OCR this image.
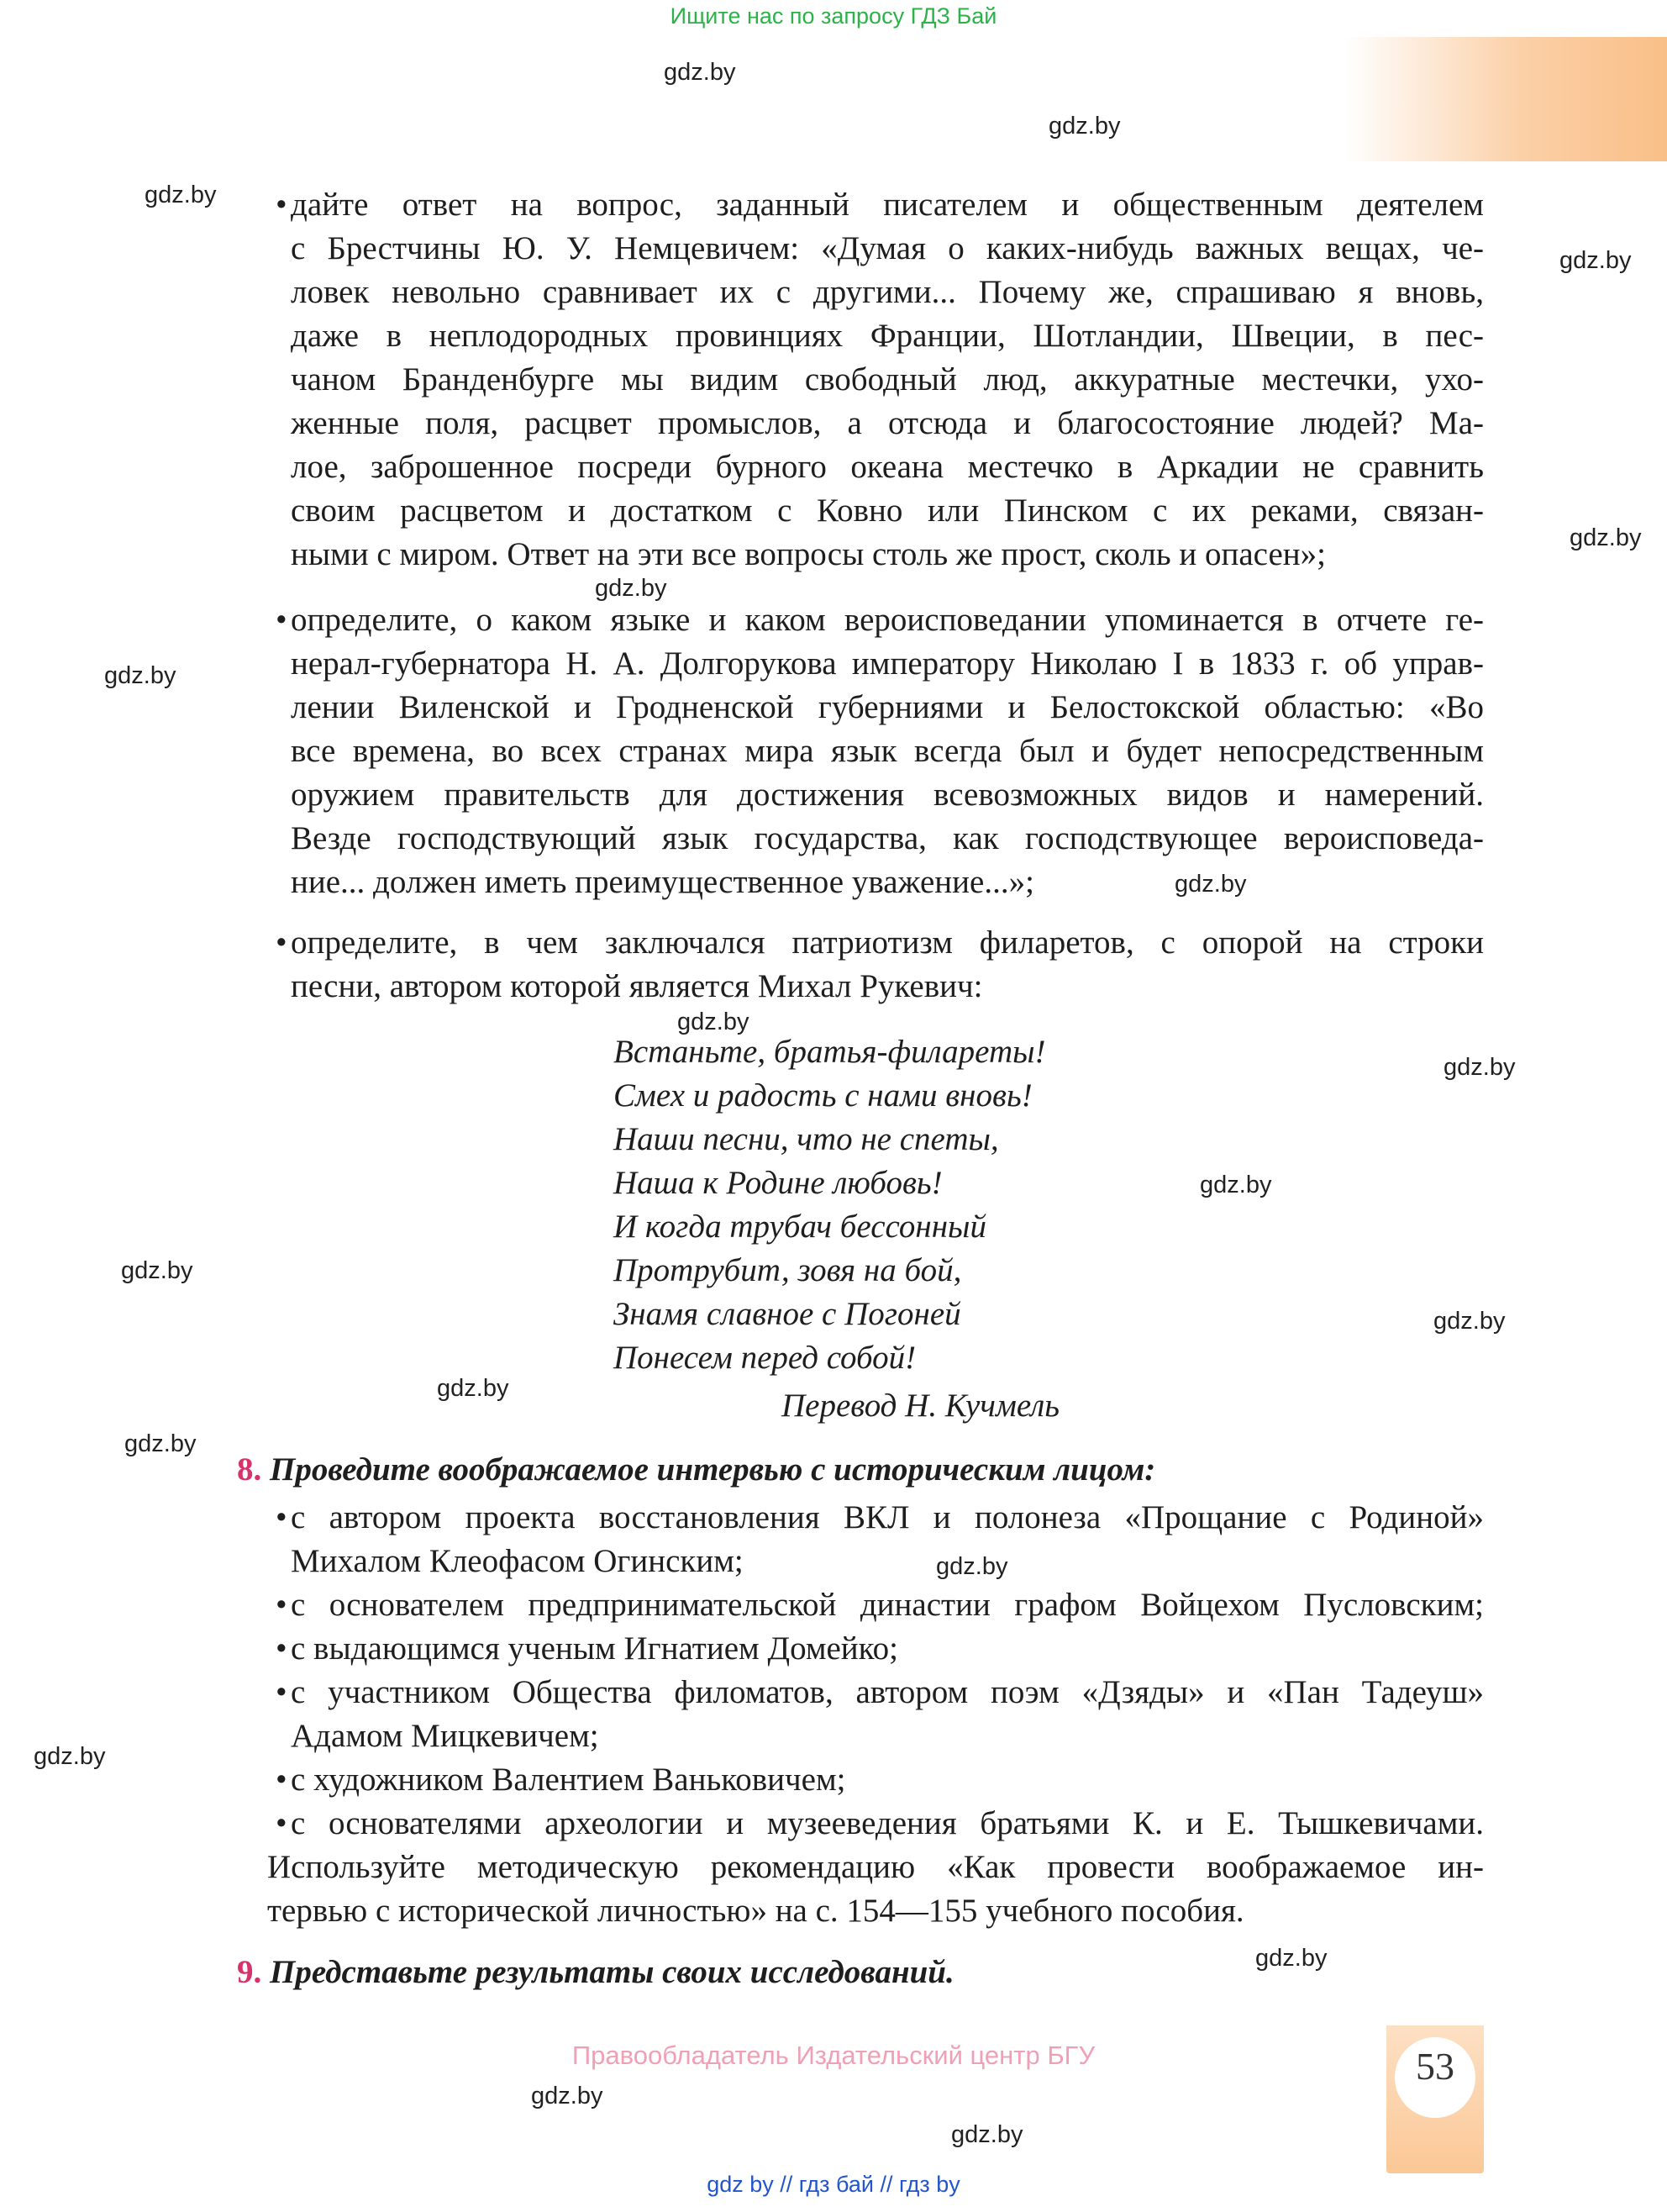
Ищите нас по запросу ГДЗ Бай
gdz.by
gdz.by
gdz.by
gdz.by
gdz.by
gdz.by
gdz.by
gdz.by
gdz.by
gdz.by
gdz.by
gdz.by
gdz.by
gdz.by
gdz.by
gdz.by
gdz.by
gdz.by
gdz.by
gdz.by
• дайте ответ на вопрос, заданный писателем и общественным деятелем
с Брестчины Ю. У. Немцевичем: «Думая о каких-нибудь важных вещах, че-
ловек невольно сравнивает их с другими... Почему же, спрашиваю я вновь,
даже в неплодородных провинциях Франции, Шотландии, Швеции, в пес-
чаном Бранденбурге мы видим свободный люд, аккуратные местечки, ухо-
женные поля, расцвет промыслов, а отсюда и благосостояние людей? Ма-
лое, заброшенное посреди бурного океана местечко в Аркадии не сравнить
своим расцветом и достатком с Ковно или Пинском с их реками, связан-
ными с миром. Ответ на эти все вопросы столь же прост, сколь и опасен»;
• определите, о каком языке и каком вероисповедании упоминается в отчете ге-
нерал-губернатора Н. А. Долгорукова императору Николаю I в 1833 г. об управ-
лении Виленской и Гродненской губерниями и Белостокской областью: «Во
все времена, во всех странах мира язык всегда был и будет непосредственным
оружием правительств для достижения всевозможных видов и намерений.
Везде господствующий язык государства, как господствующее вероисповеда-
ние... должен иметь преимущественное уважение...»;
• определите, в чем заключался патриотизм филаретов, с опорой на строки
песни, автором которой является Михал Рукевич:
Встаньте, братья-филареты!
Смех и радость с нами вновь!
Наши песни, что не спеты,
Наша к Родине любовь!
И когда трубач бессонный
Протрубит, зовя на бой,
Знамя славное с Погоней
Понесем перед собой!
Перевод Н. Кучмель
8. Проведите воображаемое интервью с историческим лицом:
• с автором проекта восстановления ВКЛ и полонеза «Прощание с Родиной»
Михалом Клеофасом Огинским;
• с основателем предпринимательской династии графом Войцехом Пусловским;
• с выдающимся ученым Игнатием Домейко;
• с участником Общества филоматов, автором поэм «Дзяды» и «Пан Тадеуш»
Адамом Мицкевичем;
• с художником Валентием Ваньковичем;
• с основателями археологии и музееведения братьями К. и Е. Тышкевичами.
Используйте методическую рекомендацию «Как провести воображаемое ин-
тервью с исторической личностью» на с. 154—155 учебного пособия.
9. Представьте результаты своих исследований.
53
Правообладатель Издательский центр БГУ
gdz by // гдз бай // гдз by
